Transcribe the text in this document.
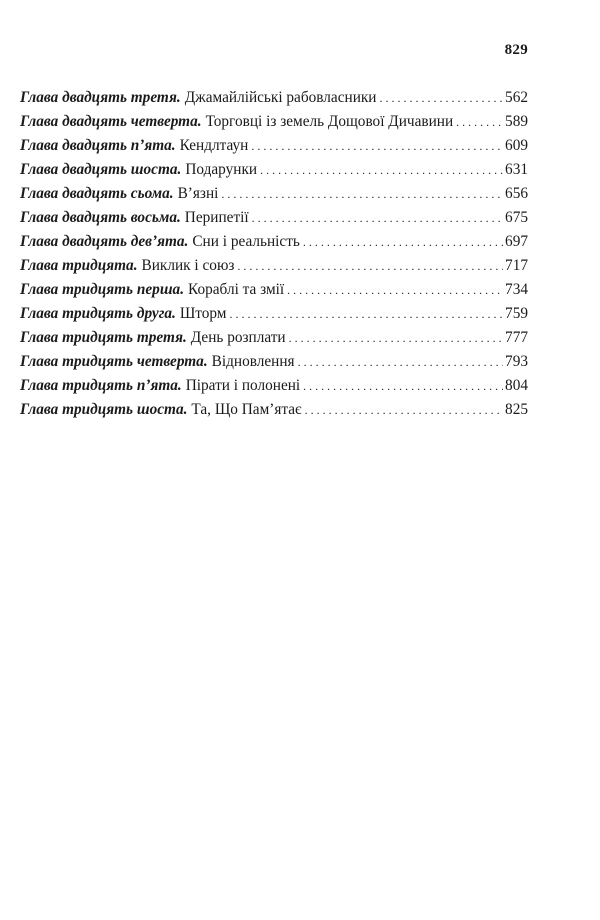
829
Глава двадцять третя. Джамайлійські рабовласники . . .	562
Глава двадцять четверта. Торговці із земель Дощової Дичавини . . .	589
Глава двадцять п’ята. Кендлтаун . . .	609
Глава двадцять шоста. Подарунки . . .	631
Глава двадцять сьома. В’язні . . .	656
Глава двадцять восьма. Перипетії . . .	675
Глава двадцять дев’ята. Сни і реальність . . .	697
Глава тридцята. Виклик і союз . . .	717
Глава тридцять перша. Кораблі та змії . . .	734
Глава тридцять друга. Шторм . . .	759
Глава тридцять третя. День розплати . . .	777
Глава тридцять четверта. Відновлення . . .	793
Глава тридцять п’ята. Пірати і полонені . . .	804
Глава тридцять шоста. Та, Що Пам’ятає . . .	825
